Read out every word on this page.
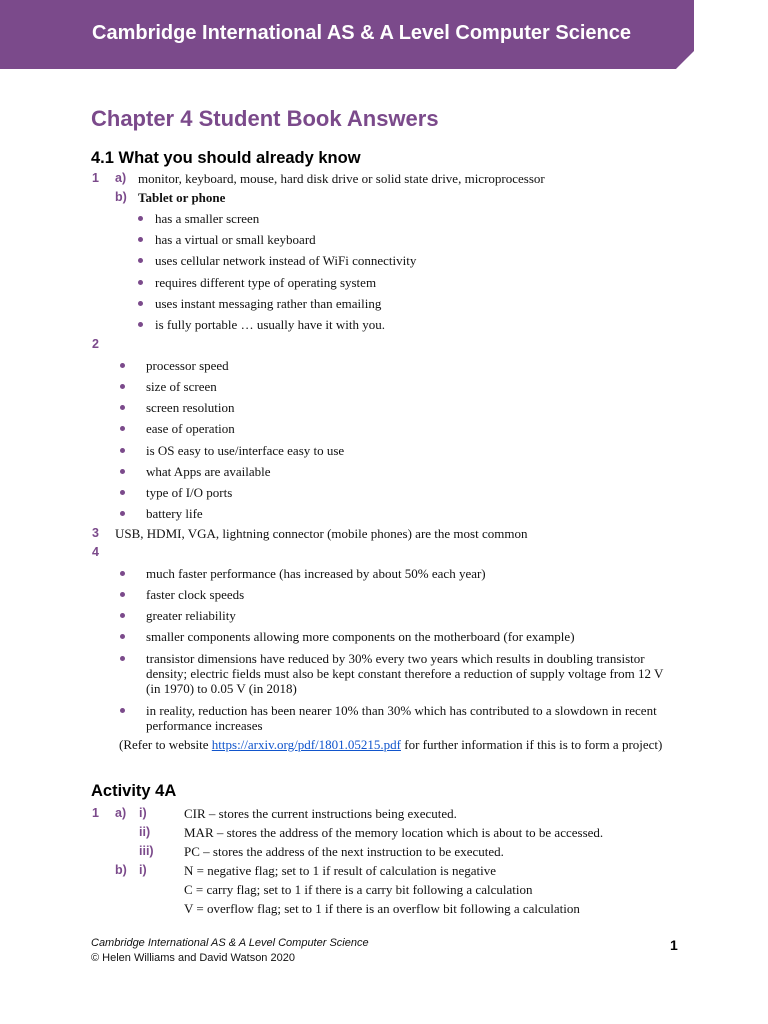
Cambridge International AS & A Level Computer Science
Chapter 4 Student Book Answers
4.1 What you should already know
1 a) monitor, keyboard, mouse, hard disk drive or solid state drive, microprocessor
b) Tablet or phone
has a smaller screen
has a virtual or small keyboard
uses cellular network instead of WiFi connectivity
requires different type of operating system
uses instant messaging rather than emailing
is fully portable … usually have it with you.
2
processor speed
size of screen
screen resolution
ease of operation
is OS easy to use/interface easy to use
what Apps are available
type of I/O ports
battery life
3 USB, HDMI, VGA, lightning connector (mobile phones) are the most common
4
much faster performance (has increased by about 50% each year)
faster clock speeds
greater reliability
smaller components allowing more components on the motherboard (for example)
transistor dimensions have reduced by 30% every two years which results in doubling transistor density; electric fields must also be kept constant therefore a reduction of supply voltage from 12 V (in 1970) to 0.05 V (in 2018)
in reality, reduction has been nearer 10% than 30% which has contributed to a slowdown in recent performance increases
(Refer to website https://arxiv.org/pdf/1801.05215.pdf for further information if this is to form a project)
Activity 4A
1 a) i)	CIR – stores the current instructions being executed.
ii)	MAR – stores the address of the memory location which is about to be accessed.
iii) PC – stores the address of the next instruction to be executed.
b) i)	N = negative flag; set to 1 if result of calculation is negative
C = carry flag; set to 1 if there is a carry bit following a calculation
V = overflow flag; set to 1 if there is an overflow bit following a calculation
Cambridge International AS & A Level Computer Science
© Helen Williams and David Watson 2020
1
